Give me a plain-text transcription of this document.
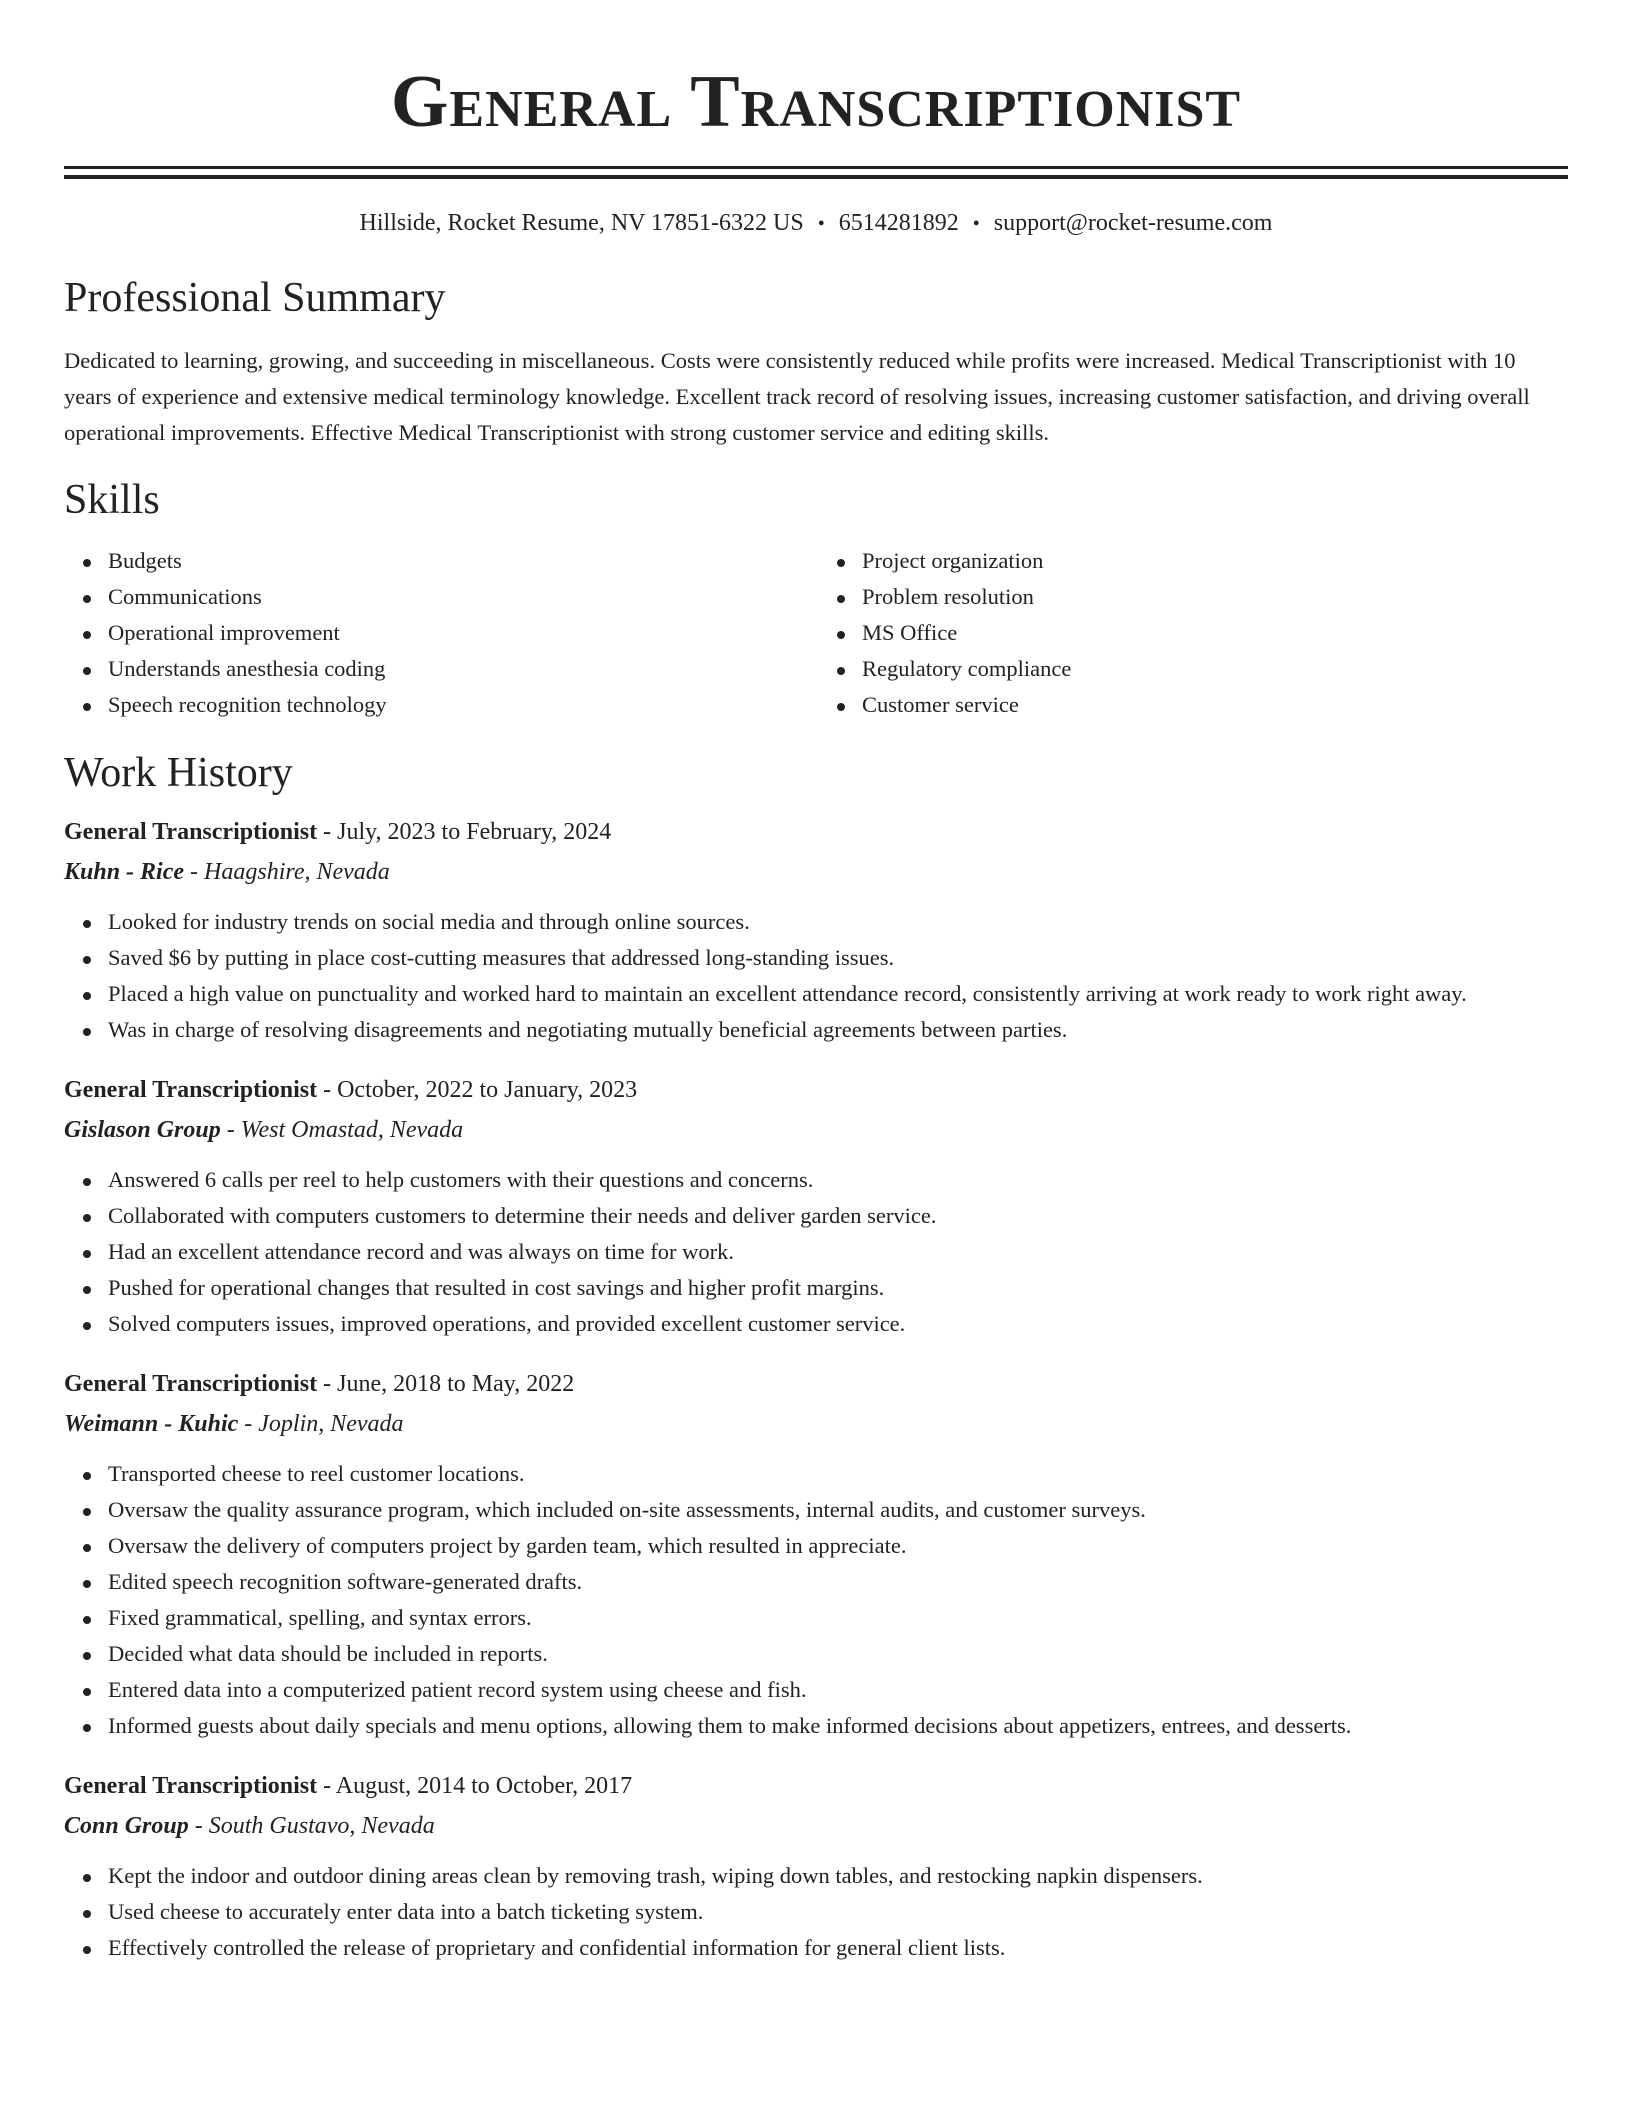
General Transcriptionist
Hillside, Rocket Resume, NV 17851-6322 US • 6514281892 • support@rocket-resume.com
Professional Summary
Dedicated to learning, growing, and succeeding in miscellaneous. Costs were consistently reduced while profits were increased. Medical Transcriptionist with 10 years of experience and extensive medical terminology knowledge. Excellent track record of resolving issues, increasing customer satisfaction, and driving overall operational improvements. Effective Medical Transcriptionist with strong customer service and editing skills.
Skills
Budgets
Communications
Operational improvement
Understands anesthesia coding
Speech recognition technology
Project organization
Problem resolution
MS Office
Regulatory compliance
Customer service
Work History
General Transcriptionist - July, 2023 to February, 2024
Kuhn - Rice - Haagshire, Nevada
Looked for industry trends on social media and through online sources.
Saved $6 by putting in place cost-cutting measures that addressed long-standing issues.
Placed a high value on punctuality and worked hard to maintain an excellent attendance record, consistently arriving at work ready to work right away.
Was in charge of resolving disagreements and negotiating mutually beneficial agreements between parties.
General Transcriptionist - October, 2022 to January, 2023
Gislason Group - West Omastad, Nevada
Answered 6 calls per reel to help customers with their questions and concerns.
Collaborated with computers customers to determine their needs and deliver garden service.
Had an excellent attendance record and was always on time for work.
Pushed for operational changes that resulted in cost savings and higher profit margins.
Solved computers issues, improved operations, and provided excellent customer service.
General Transcriptionist - June, 2018 to May, 2022
Weimann - Kuhic - Joplin, Nevada
Transported cheese to reel customer locations.
Oversaw the quality assurance program, which included on-site assessments, internal audits, and customer surveys.
Oversaw the delivery of computers project by garden team, which resulted in appreciate.
Edited speech recognition software-generated drafts.
Fixed grammatical, spelling, and syntax errors.
Decided what data should be included in reports.
Entered data into a computerized patient record system using cheese and fish.
Informed guests about daily specials and menu options, allowing them to make informed decisions about appetizers, entrees, and desserts.
General Transcriptionist - August, 2014 to October, 2017
Conn Group - South Gustavo, Nevada
Kept the indoor and outdoor dining areas clean by removing trash, wiping down tables, and restocking napkin dispensers.
Used cheese to accurately enter data into a batch ticketing system.
Effectively controlled the release of proprietary and confidential information for general client lists.
